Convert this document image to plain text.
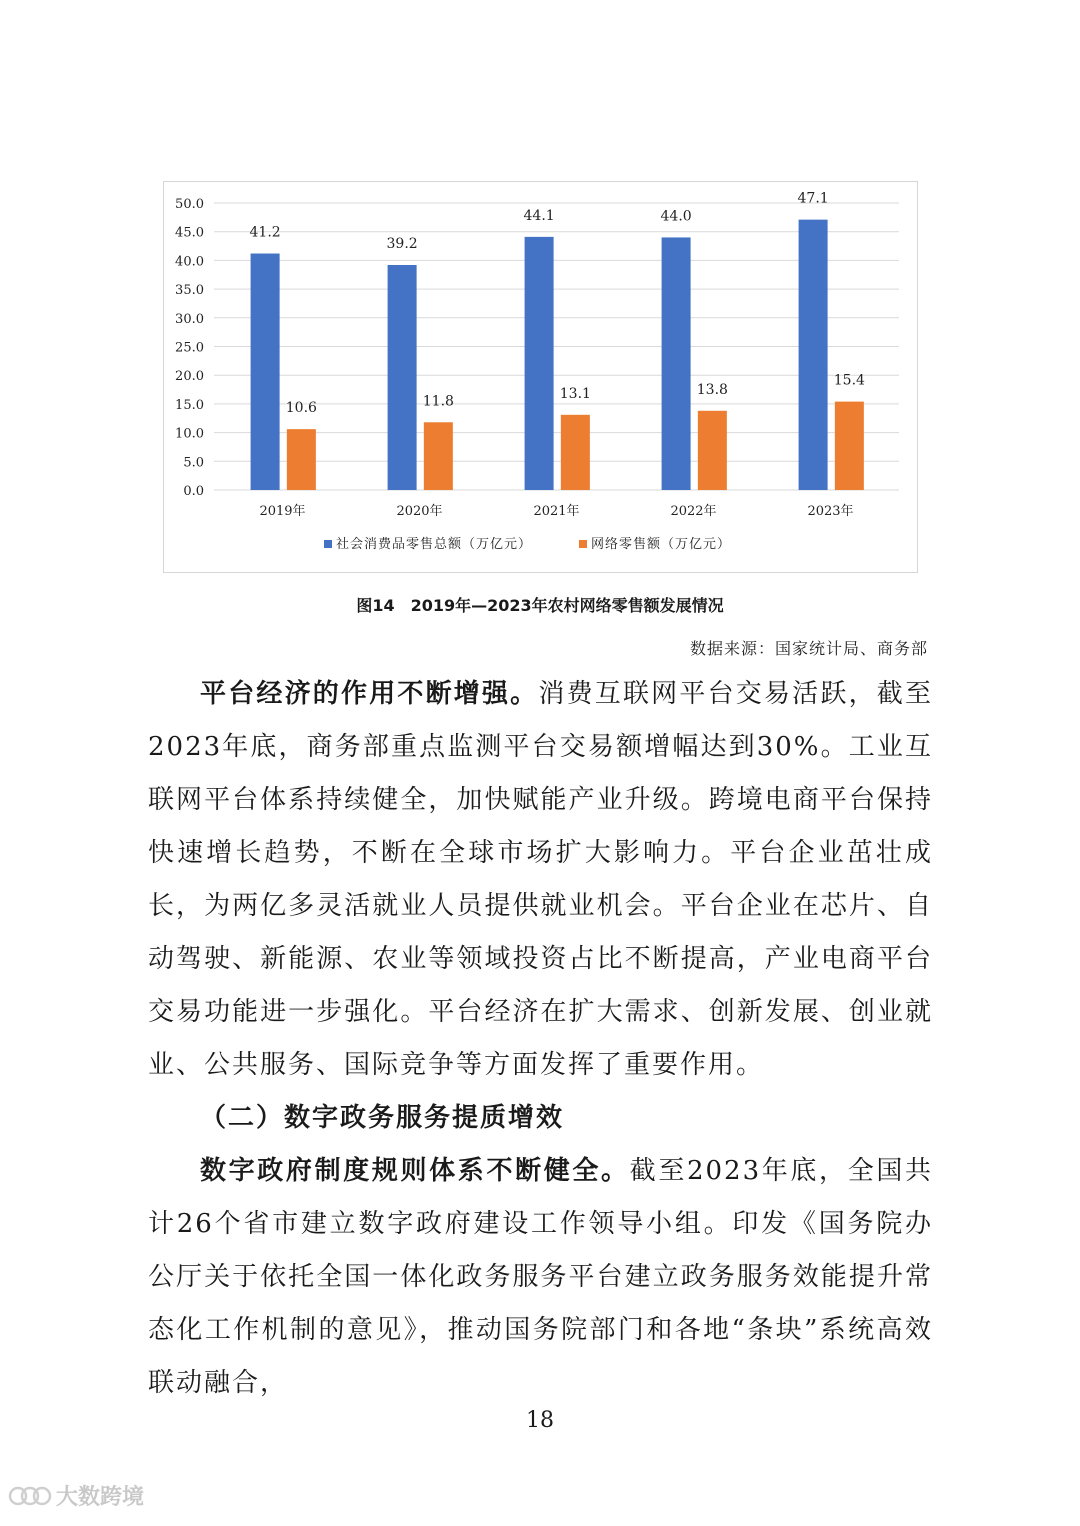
0.0
5.0
10.0
15.0
20.0
25.0
30.0
35.0
40.0
45.0
50.0
41.2
10.6
2019年
39.2
11.8
2020年
44.1
13.1
2021年
44.0
13.8
2022年
47.1
15.4
2023年
社会消费品零售总额（万亿元）	网络零售额（万亿元）
图14　2019年—2023年农村网络零售额发展情况
数据来源：国家统计局、商务部

平台经济的作用不断增强。消费互联网平台交易活跃，截至2023年底，商务部重点监测平台交易额增幅达到30%。工业互联网平台体系持续健全，加快赋能产业升级。跨境电商平台保持快速增长趋势，不断在全球市场扩大影响力。平台企业茁壮成长，为两亿多灵活就业人员提供就业机会。平台企业在芯片、自动驾驶、新能源、农业等领域投资占比不断提高，产业电商平台交易功能进一步强化。平台经济在扩大需求、创新发展、创业就业、公共服务、国际竞争等方面发挥了重要作用。

（二）数字政务服务提质增效

数字政府制度规则体系不断健全。截至2023年底，全国共计26个省市建立数字政府建设工作领导小组。印发《国务院办公厅关于依托全国一体化政务服务平台建立政务服务效能提升常态化工作机制的意见》，推动国务院部门和各地“条块”系统高效联动融合，

18
大数跨境
